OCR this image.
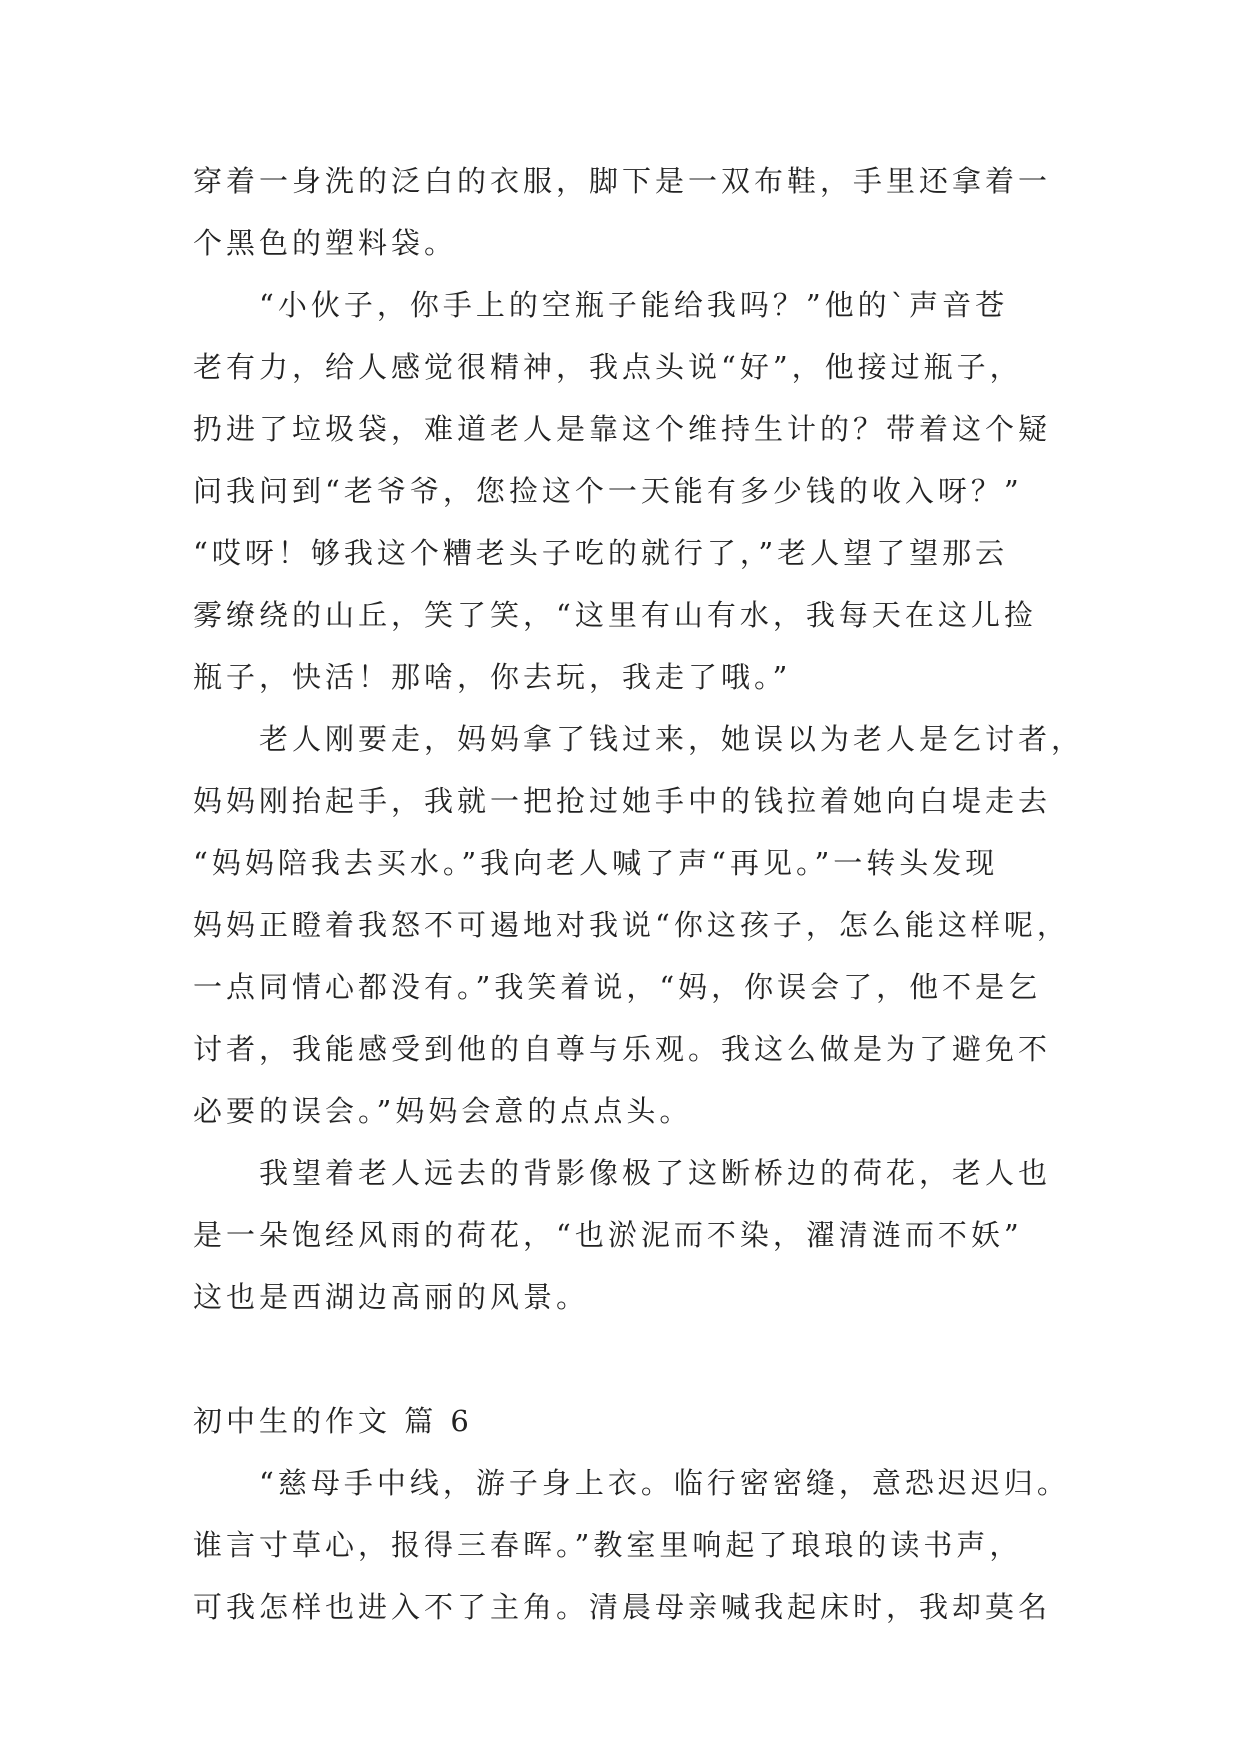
穿着一身洗的泛白的衣服，脚下是一双布鞋，手里还拿着一
个黑色的塑料袋。
　　“小伙子，你手上的空瓶子能给我吗？”他的`声音苍
老有力，给人感觉很精神，我点头说“好”，他接过瓶子，
扔进了垃圾袋，难道老人是靠这个维持生计的？带着这个疑
问我问到“老爷爷，您捡这个一天能有多少钱的收入呀？”
“哎呀！够我这个糟老头子吃的就行了，”老人望了望那云
雾缭绕的山丘，笑了笑，“这里有山有水，我每天在这儿捡
瓶子，快活！那啥，你去玩，我走了哦。”
　　老人刚要走，妈妈拿了钱过来，她误以为老人是乞讨者，
妈妈刚抬起手，我就一把抢过她手中的钱拉着她向白堤走去
“妈妈陪我去买水。”我向老人喊了声“再见。”一转头发现
妈妈正瞪着我怒不可遏地对我说“你这孩子，怎么能这样呢，
一点同情心都没有。”我笑着说，“妈，你误会了，他不是乞
讨者，我能感受到他的自尊与乐观。我这么做是为了避免不
必要的误会。”妈妈会意的点点头。
　　我望着老人远去的背影像极了这断桥边的荷花，老人也
是一朵饱经风雨的荷花，“也淤泥而不染，濯清涟而不妖”
这也是西湖边高丽的风景。
初中生的作文 篇 6
　　“慈母手中线，游子身上衣。临行密密缝，意恐迟迟归。
谁言寸草心，报得三春晖。”教室里响起了琅琅的读书声，
可我怎样也进入不了主角。清晨母亲喊我起床时，我却莫名
